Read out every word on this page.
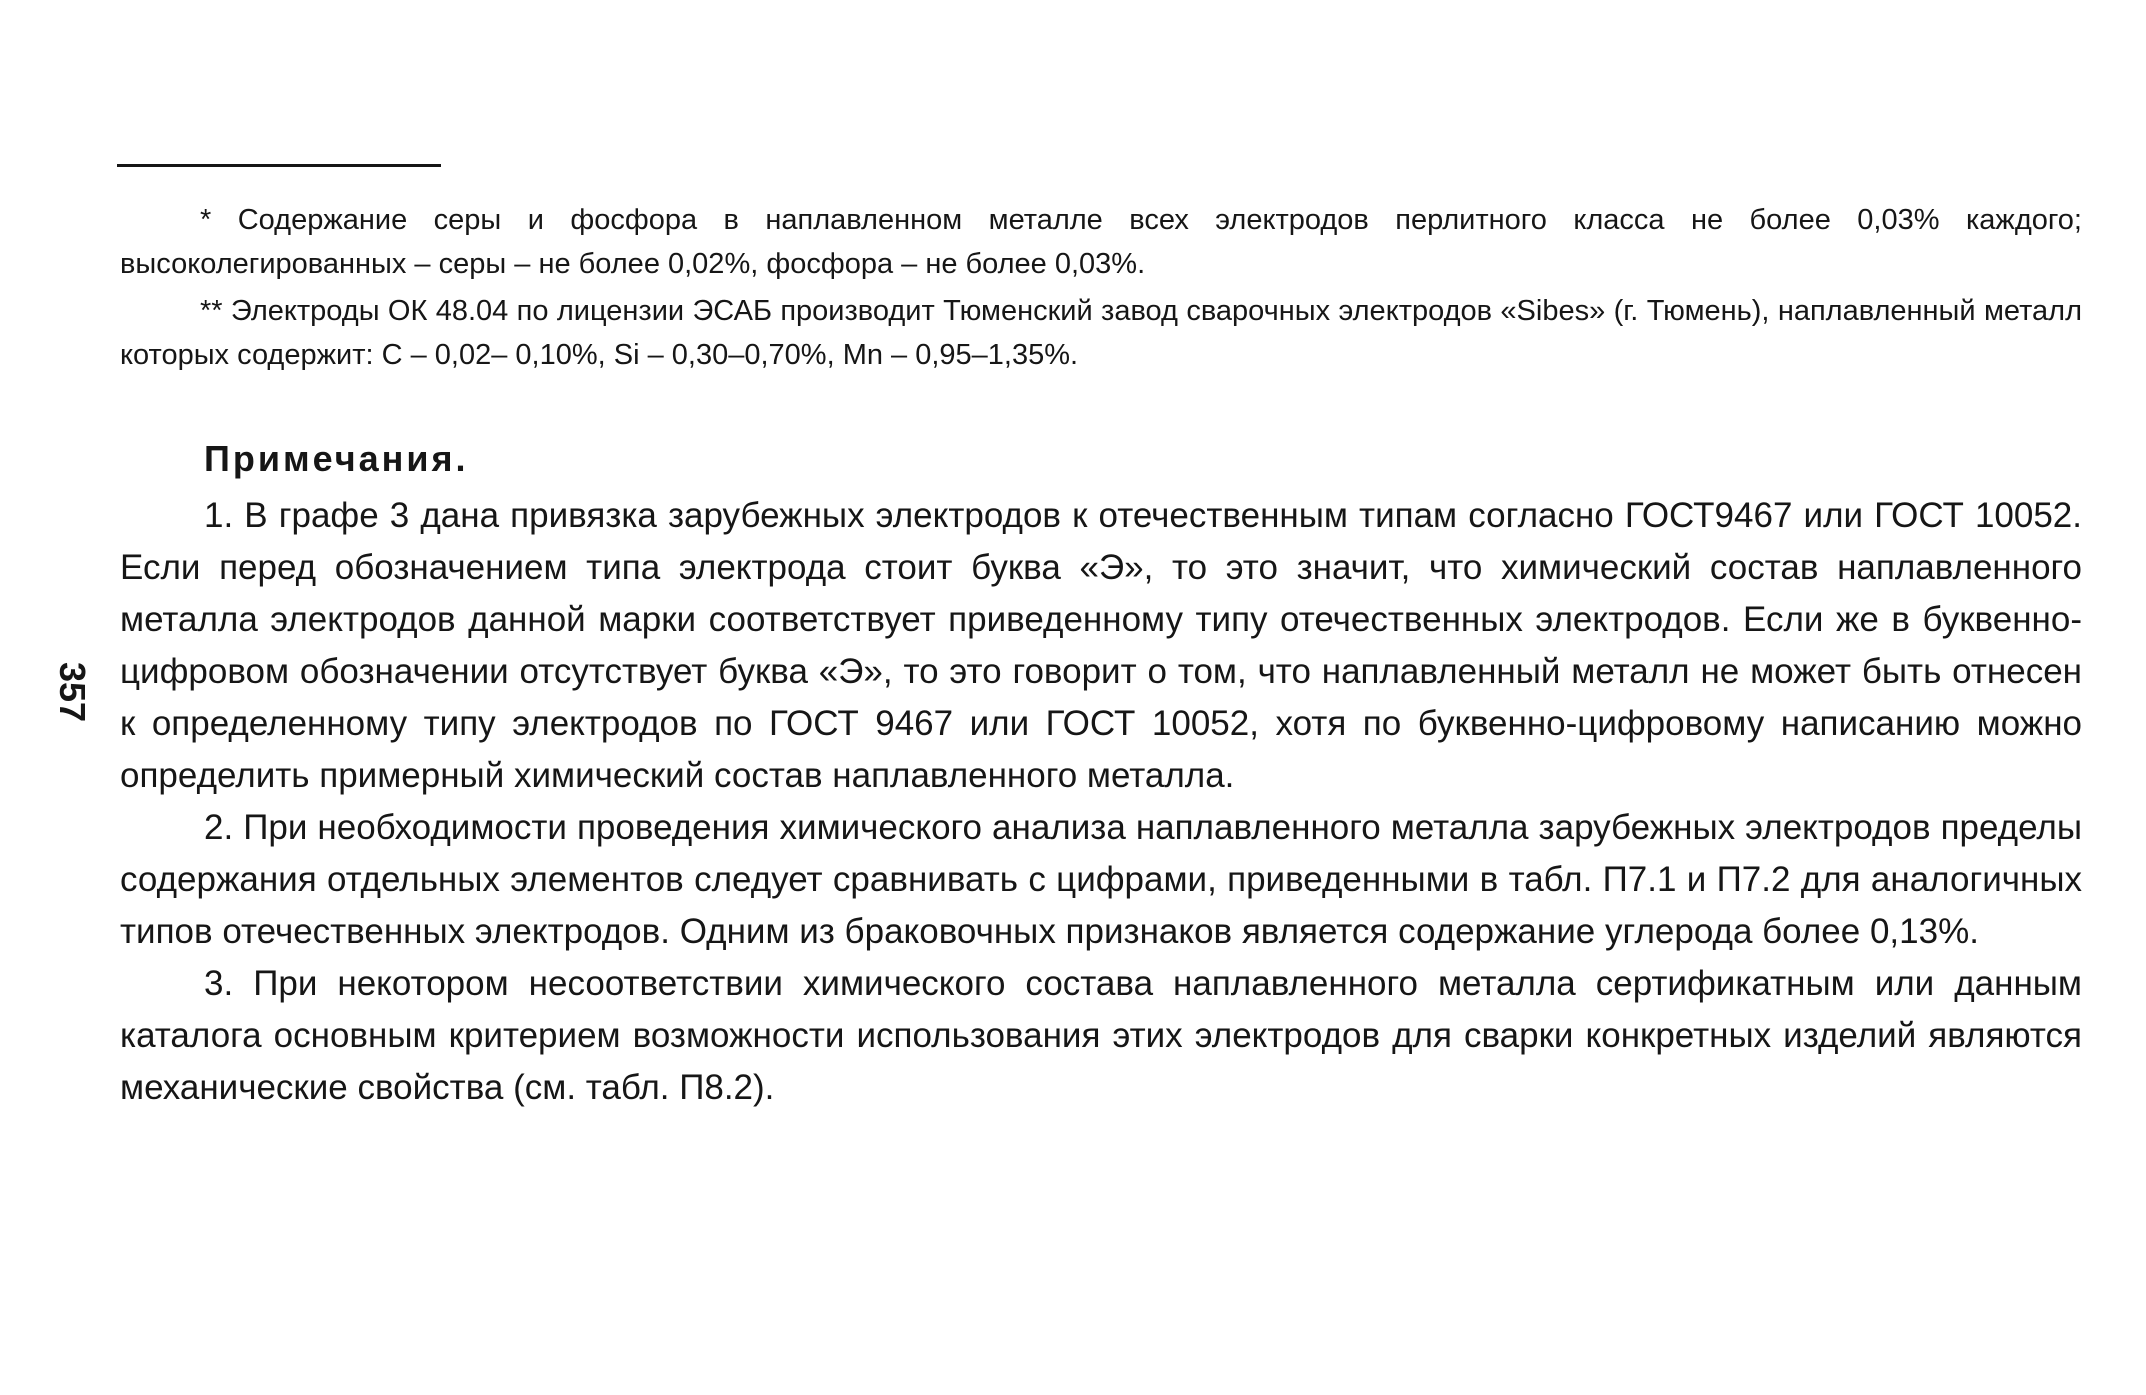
* Содержание серы и фосфора в наплавленном металле всех электродов перлитного класса не более 0,03% каждого; высоколегированных – серы – не более 0,02%, фосфора – не более 0,03%.

** Электроды ОК 48.04 по лицензии ЭСАБ производит Тюменский завод сварочных электродов «Sibes» (г. Тюмень), наплавленный металл которых содержит: С – 0,02– 0,10%, Si – 0,30–0,70%, Mn – 0,95–1,35%.

357
Примечания.

1. В графе 3 дана привязка зарубежных электродов к отечественным типам согласно ГОСТ9467 или ГОСТ 10052. Если перед обозначением типа электрода стоит буква «Э», то это значит, что химический состав наплавленного металла электродов данной марки соответствует приведенному типу отечественных электродов. Если же в буквенно-цифровом обозначении отсутствует буква «Э», то это говорит о том, что наплавленный металл не может быть отнесен к определенному типу электродов по ГОСТ 9467 или ГОСТ 10052, хотя по буквенно-цифровому написанию можно определить примерный химический состав наплавленного металла.

2. При необходимости проведения химического анализа наплавленного металла зарубежных электродов пределы содержания отдельных элементов следует сравнивать с цифрами, приведенными в табл. П7.1 и П7.2 для аналогичных типов отечественных электродов. Одним из браковочных признаков является содержание углерода более 0,13%.

3. При некотором несоответствии химического состава наплавленного металла сертификатным или данным каталога основным критерием возможности использования этих электродов для сварки конкретных изделий являются механические свойства (см. табл. П8.2).
